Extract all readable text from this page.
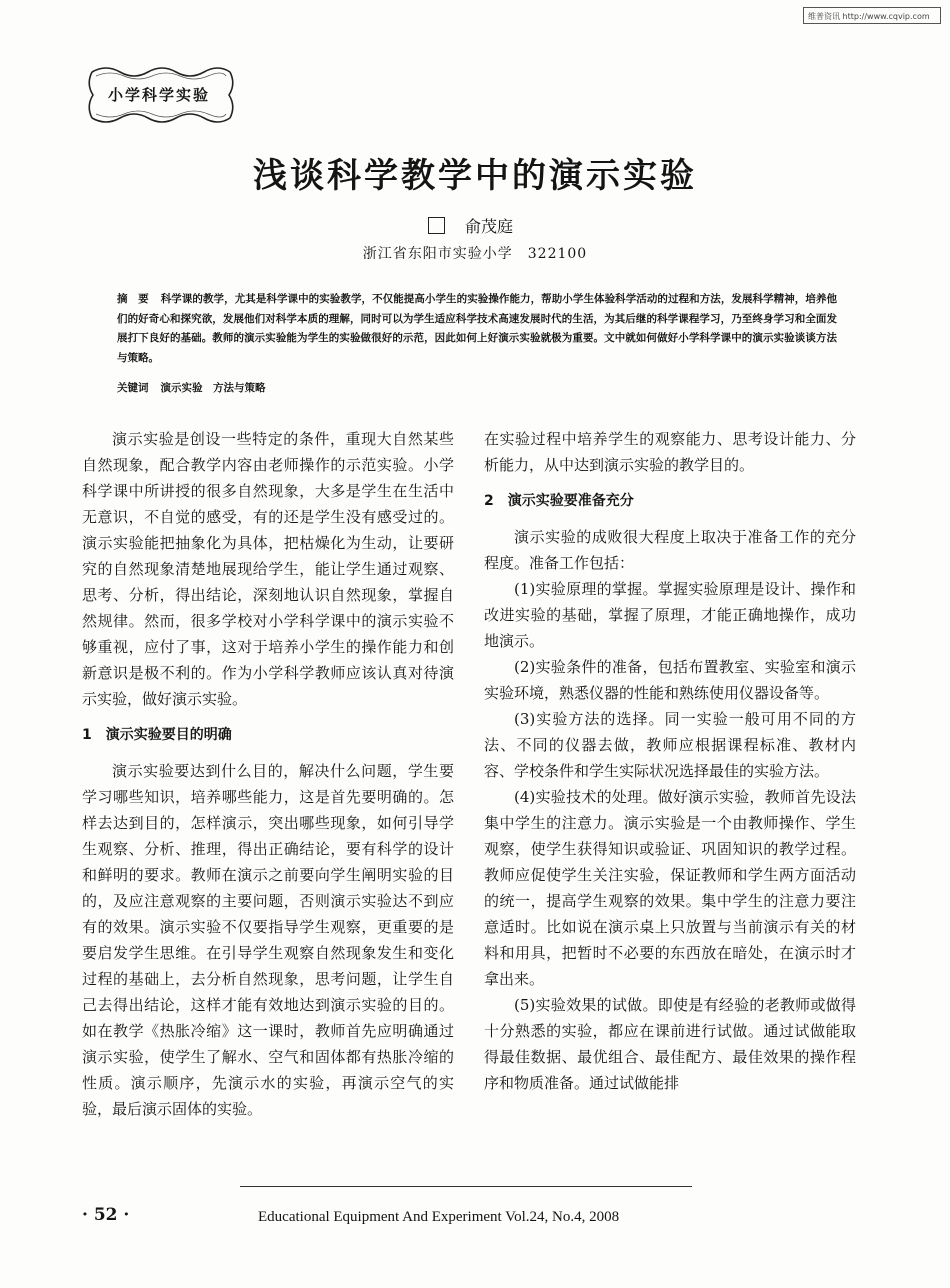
维普资讯 http://www.cqvip.com
小学科学实验
浅谈科学教学中的演示实验
俞茂庭
浙江省东阳市实验小学　322100
摘　要 科学课的教学，尤其是科学课中的实验教学，不仅能提高小学生的实验操作能力，帮助小学生体验科学活动的过程和方法，发展科学精神，培养他们的好奇心和探究欲，发展他们对科学本质的理解，同时可以为学生适应科学技术高速发展时代的生活，为其后继的科学课程学习，乃至终身学习和全面发展打下良好的基础。教师的演示实验能为学生的实验做很好的示范，因此如何上好演示实验就极为重要。文中就如何做好小学科学课中的演示实验谈谈方法与策略。
关键词 演示实验　方法与策略

演示实验是创设一些特定的条件，重现大自然某些自然现象，配合教学内容由老师操作的示范实验。小学科学课中所讲授的很多自然现象，大多是学生在生活中无意识，不自觉的感受，有的还是学生没有感受过的。演示实验能把抽象化为具体，把枯燥化为生动，让要研究的自然现象清楚地展现给学生，能让学生通过观察、思考、分析，得出结论，深刻地认识自然现象，掌握自然规律。然而，很多学校对小学科学课中的演示实验不够重视，应付了事，这对于培养小学生的操作能力和创新意识是极不利的。作为小学科学教师应该认真对待演示实验，做好演示实验。

1 演示实验要目的明确

演示实验要达到什么目的，解决什么问题，学生要学习哪些知识，培养哪些能力，这是首先要明确的。怎样去达到目的，怎样演示，突出哪些现象，如何引导学生观察、分析、推理，得出正确结论，要有科学的设计和鲜明的要求。教师在演示之前要向学生阐明实验的目的，及应注意观察的主要问题，否则演示实验达不到应有的效果。演示实验不仅要指导学生观察，更重要的是要启发学生思维。在引导学生观察自然现象发生和变化过程的基础上，去分析自然现象，思考问题，让学生自己去得出结论，这样才能有效地达到演示实验的目的。如在教学《热胀冷缩》这一课时，教师首先应明确通过演示实验，使学生了解水、空气和固体都有热胀冷缩的性质。演示顺序，先演示水的实验，再演示空气的实验，最后演示固体的实验。

在实验过程中培养学生的观察能力、思考设计能力、分析能力，从中达到演示实验的教学目的。

2 演示实验要准备充分

演示实验的成败很大程度上取决于准备工作的充分程度。准备工作包括：

(1)实验原理的掌握。掌握实验原理是设计、操作和改进实验的基础，掌握了原理，才能正确地操作，成功地演示。

(2)实验条件的准备，包括布置教室、实验室和演示实验环境，熟悉仪器的性能和熟练使用仪器设备等。

(3)实验方法的选择。同一实验一般可用不同的方法、不同的仪器去做，教师应根据课程标准、教材内容、学校条件和学生实际状况选择最佳的实验方法。

(4)实验技术的处理。做好演示实验，教师首先设法集中学生的注意力。演示实验是一个由教师操作、学生观察，使学生获得知识或验证、巩固知识的教学过程。教师应促使学生关注实验，保证教师和学生两方面活动的统一，提高学生观察的效果。集中学生的注意力要注意适时。比如说在演示桌上只放置与当前演示有关的材料和用具，把暂时不必要的东西放在暗处，在演示时才拿出来。

(5)实验效果的试做。即使是有经验的老教师或做得十分熟悉的实验，都应在课前进行试做。通过试做能取得最佳数据、最优组合、最佳配方、最佳效果的操作程序和物质准备。通过试做能排

· 52 ·	Educational Equipment And Experiment Vol.24, No.4, 2008
